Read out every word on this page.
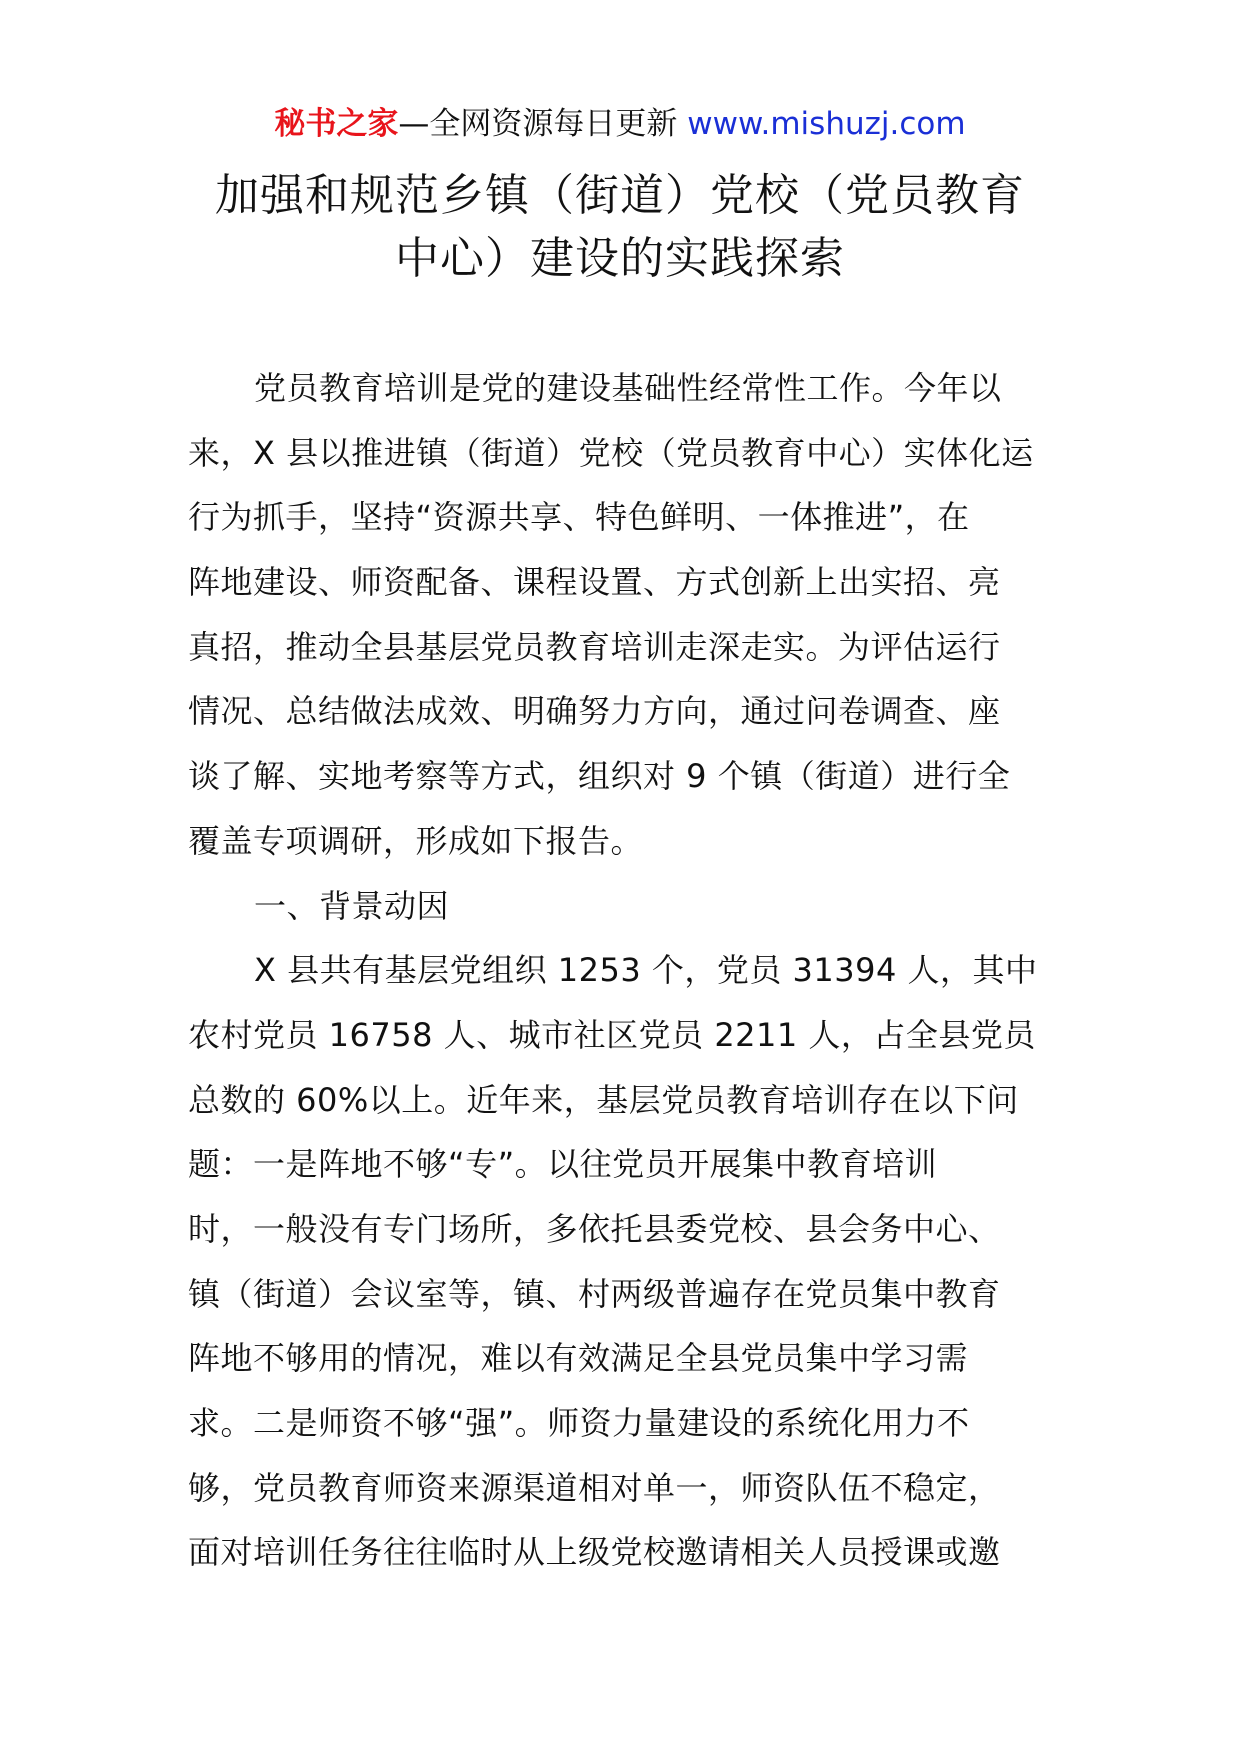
秘书之家—全网资源每日更新 www.mishuzj.com
加强和规范乡镇（街道）党校（党员教育
中心）建设的实践探索
党员教育培训是党的建设基础性经常性工作。今年以
来，X 县以推进镇（街道）党校（党员教育中心）实体化运
行为抓手，坚持“资源共享、特色鲜明、一体推进”，在
阵地建设、师资配备、课程设置、方式创新上出实招、亮
真招，推动全县基层党员教育培训走深走实。为评估运行
情况、总结做法成效、明确努力方向，通过问卷调查、座
谈了解、实地考察等方式，组织对 9 个镇（街道）进行全
覆盖专项调研，形成如下报告。
一、背景动因
X 县共有基层党组织 1253 个，党员 31394 人，其中
农村党员 16758 人、城市社区党员 2211 人，占全县党员
总数的 60%以上。近年来，基层党员教育培训存在以下问
题：一是阵地不够“专”。以往党员开展集中教育培训
时，一般没有专门场所，多依托县委党校、县会务中心、
镇（街道）会议室等，镇、村两级普遍存在党员集中教育
阵地不够用的情况，难以有效满足全县党员集中学习需
求。二是师资不够“强”。师资力量建设的系统化用力不
够，党员教育师资来源渠道相对单一，师资队伍不稳定，
面对培训任务往往临时从上级党校邀请相关人员授课或邀
